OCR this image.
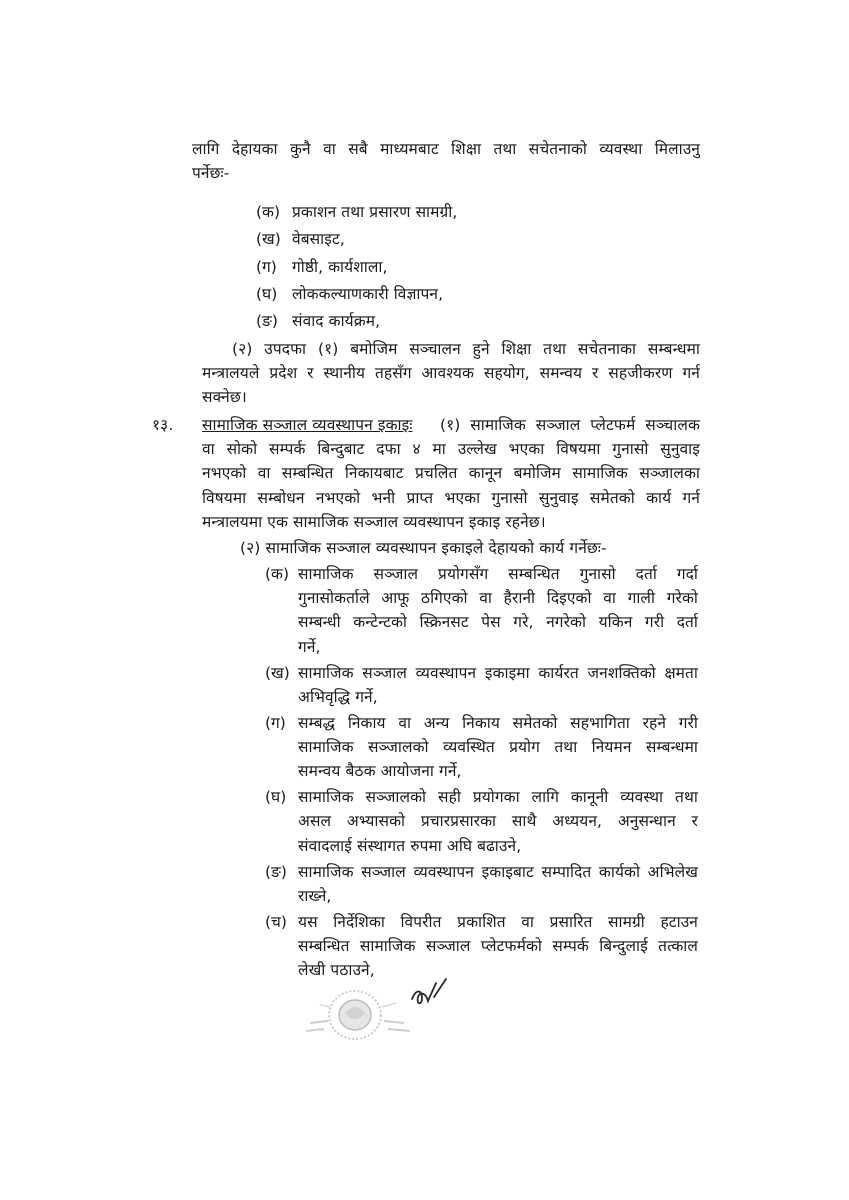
लागि देहायका कुनै वा सबै माध्यमबाट शिक्षा तथा सचेतनाको व्यवस्था मिलाउनु
पर्नेछः-
(क) प्रकाशन तथा प्रसारण सामग्री,
(ख) वेबसाइट,
(ग) गोष्ठी, कार्यशाला,
(घ) लोककल्याणकारी विज्ञापन,
(ङ) संवाद कार्यक्रम,
(२) उपदफा (१) बमोजिम सञ्चालन हुने शिक्षा तथा सचेतनाका सम्बन्धमा
मन्त्रालयले प्रदेश र स्थानीय तहसँग आवश्यक सहयोग, समन्वय र सहजीकरण गर्न
सक्नेछ।
१३. सामाजिक सञ्जाल व्यवस्थापन इकाइः (१) सामाजिक सञ्जाल प्लेटफर्म सञ्चालक
वा सोको सम्पर्क बिन्दुबाट दफा ४ मा उल्लेख भएका विषयमा गुनासो सुनुवाइ
नभएको वा सम्बन्धित निकायबाट प्रचलित कानून बमोजिम सामाजिक सञ्जालका
विषयमा सम्बोधन नभएको भनी प्राप्त भएका गुनासो सुनुवाइ समेतको कार्य गर्न
मन्त्रालयमा एक सामाजिक सञ्जाल व्यवस्थापन इकाइ रहनेछ।
(२) सामाजिक सञ्जाल व्यवस्थापन इकाइले देहायको कार्य गर्नेछः-
(क) सामाजिक सञ्जाल प्रयोगसँग सम्बन्धित गुनासो दर्ता गर्दा
गुनासोकर्ताले आफू ठगिएको वा हैरानी दिइएको वा गाली गरेको
सम्बन्धी कन्टेन्टको स्क्रिनसट पेस गरे, नगरेको यकिन गरी दर्ता
गर्ने,
(ख) सामाजिक सञ्जाल व्यवस्थापन इकाइमा कार्यरत जनशक्तिको क्षमता
अभिवृद्धि गर्ने,
(ग) सम्बद्ध निकाय वा अन्य निकाय समेतको सहभागिता रहने गरी
सामाजिक सञ्जालको व्यवस्थित प्रयोग तथा नियमन सम्बन्धमा
समन्वय बैठक आयोजना गर्ने,
(घ) सामाजिक सञ्जालको सही प्रयोगका लागि कानूनी व्यवस्था तथा
असल अभ्यासको प्रचारप्रसारका साथै अध्ययन, अनुसन्धान र
संवादलाई संस्थागत रुपमा अघि बढाउने,
(ङ) सामाजिक सञ्जाल व्यवस्थापन इकाइबाट सम्पादित कार्यको अभिलेख
राख्ने,
(च) यस निर्देशिका विपरीत प्रकाशित वा प्रसारित सामग्री हटाउन
सम्बन्धित सामाजिक सञ्जाल प्लेटफर्मको सम्पर्क बिन्दुलाई तत्काल
लेखी पठाउने,
